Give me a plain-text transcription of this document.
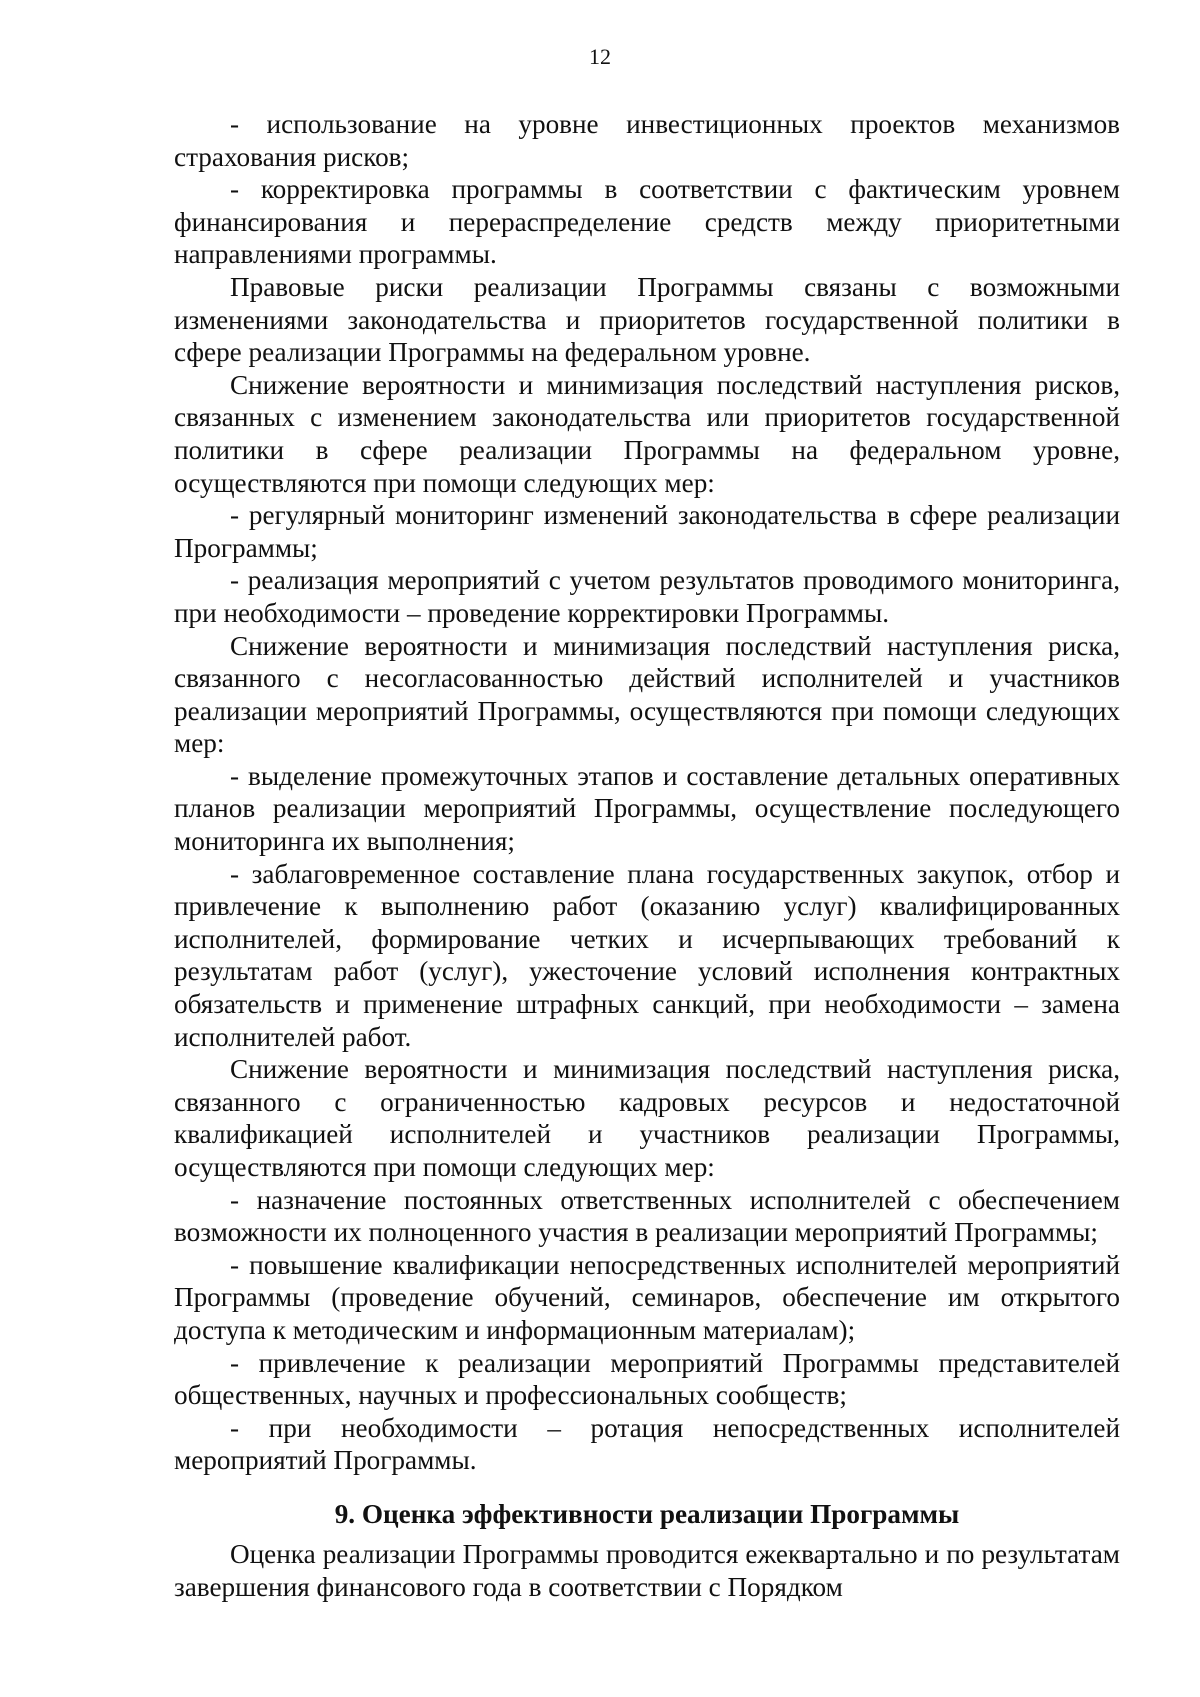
12

- использование на уровне инвестиционных проектов механизмов страхования рисков;

- корректировка программы в соответствии с фактическим уровнем финансирования и перераспределение средств между приоритетными направлениями программы.

Правовые риски реализации Программы связаны с возможными изменениями законодательства и приоритетов государственной политики в сфере реализации Программы на федеральном уровне.

Снижение вероятности и минимизация последствий наступления рисков, связанных с изменением законодательства или приоритетов государственной политики в сфере реализации Программы на федеральном уровне, осуществляются при помощи следующих мер:

- регулярный мониторинг изменений законодательства в сфере реализации Программы;

- реализация мероприятий с учетом результатов проводимого мониторинга, при необходимости – проведение корректировки Программы.

Снижение вероятности и минимизация последствий наступления риска, связанного с несогласованностью действий исполнителей и участников реализации мероприятий Программы, осуществляются при помощи следующих мер:

- выделение промежуточных этапов и составление детальных оперативных планов реализации мероприятий Программы, осуществление последующего мониторинга их выполнения;

- заблаговременное составление плана государственных закупок, отбор и привлечение к выполнению работ (оказанию услуг) квалифицированных исполнителей, формирование четких и исчерпывающих требований к результатам работ (услуг), ужесточение условий исполнения контрактных обязательств и применение штрафных санкций, при необходимости – замена исполнителей работ.

Снижение вероятности и минимизация последствий наступления риска, связанного с ограниченностью кадровых ресурсов и недостаточной квалификацией исполнителей и участников реализации Программы, осуществляются при помощи следующих мер:

- назначение постоянных ответственных исполнителей с обеспечением возможности их полноценного участия в реализации мероприятий Программы;

- повышение квалификации непосредственных исполнителей мероприятий Программы (проведение обучений, семинаров, обеспечение им открытого доступа к методическим и информационным материалам);

- привлечение к реализации мероприятий Программы представителей общественных, научных и профессиональных сообществ;

- при необходимости – ротация непосредственных исполнителей мероприятий Программы.

9. Оценка эффективности реализации Программы

Оценка реализации Программы проводится ежеквартально и по результатам завершения финансового года в соответствии с Порядком
